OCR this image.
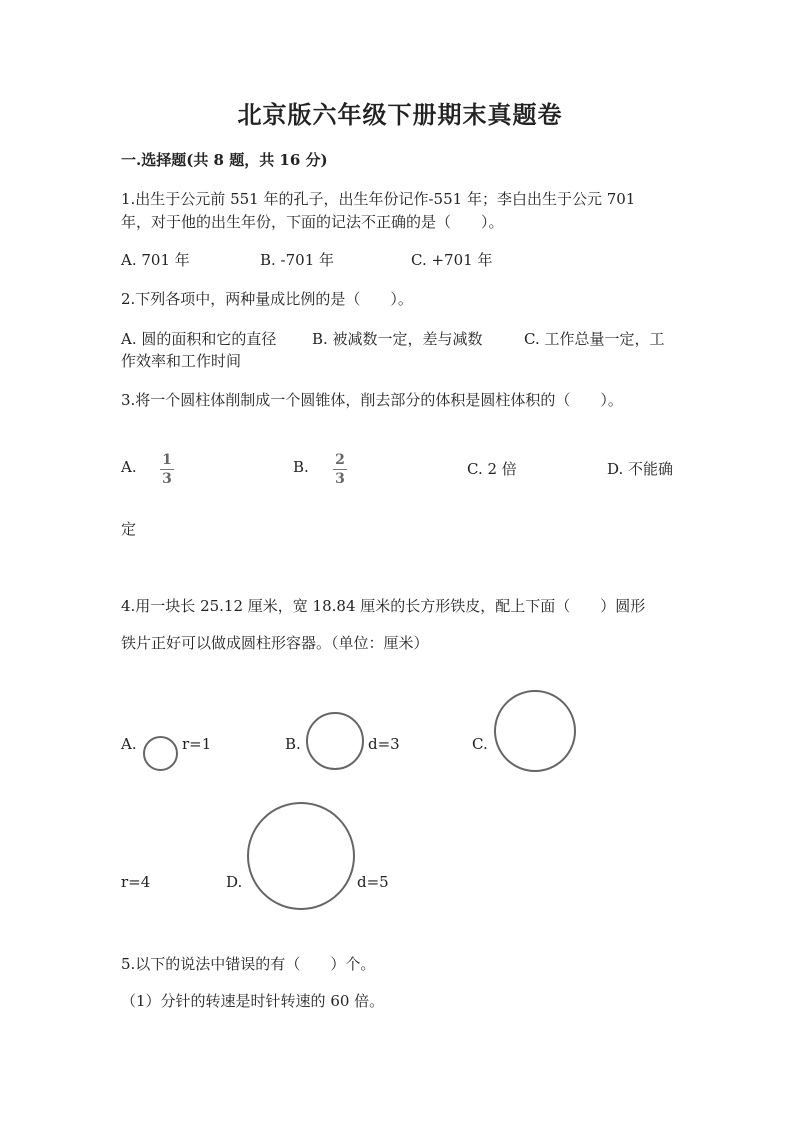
北京版六年级下册期末真题卷
一.选择题(共 8 题，共 16 分)
1.出生于公元前 551 年的孔子，出生年份记作-551 年；李白出生于公元 701
年，对于他的出生年份，下面的记法不正确的是（　　）。
A. 701 年	B. -701 年	C. +701 年
2.下列各项中，两种量成比例的是（　　）。
A. 圆的面积和它的直径 B. 被减数一定，差与减数	C. 工作总量一定，工
作效率和工作时间
3.将一个圆柱体削制成一个圆锥体，削去部分的体积是圆柱体积的（　　）。
A. 1
3
B. 2
3
C. 2 倍	D. 不能确
定
4.用一块长 25.12 厘米，宽 18.84 厘米的长方形铁皮，配上下面（　　）圆形
铁片正好可以做成圆柱形容器。（单位：厘米）
A.	r=1	B.	d=3	C.
r=4	D.	d=5
5.以下的说法中错误的有（　　）个。
（1）分针的转速是时针转速的 60 倍。
